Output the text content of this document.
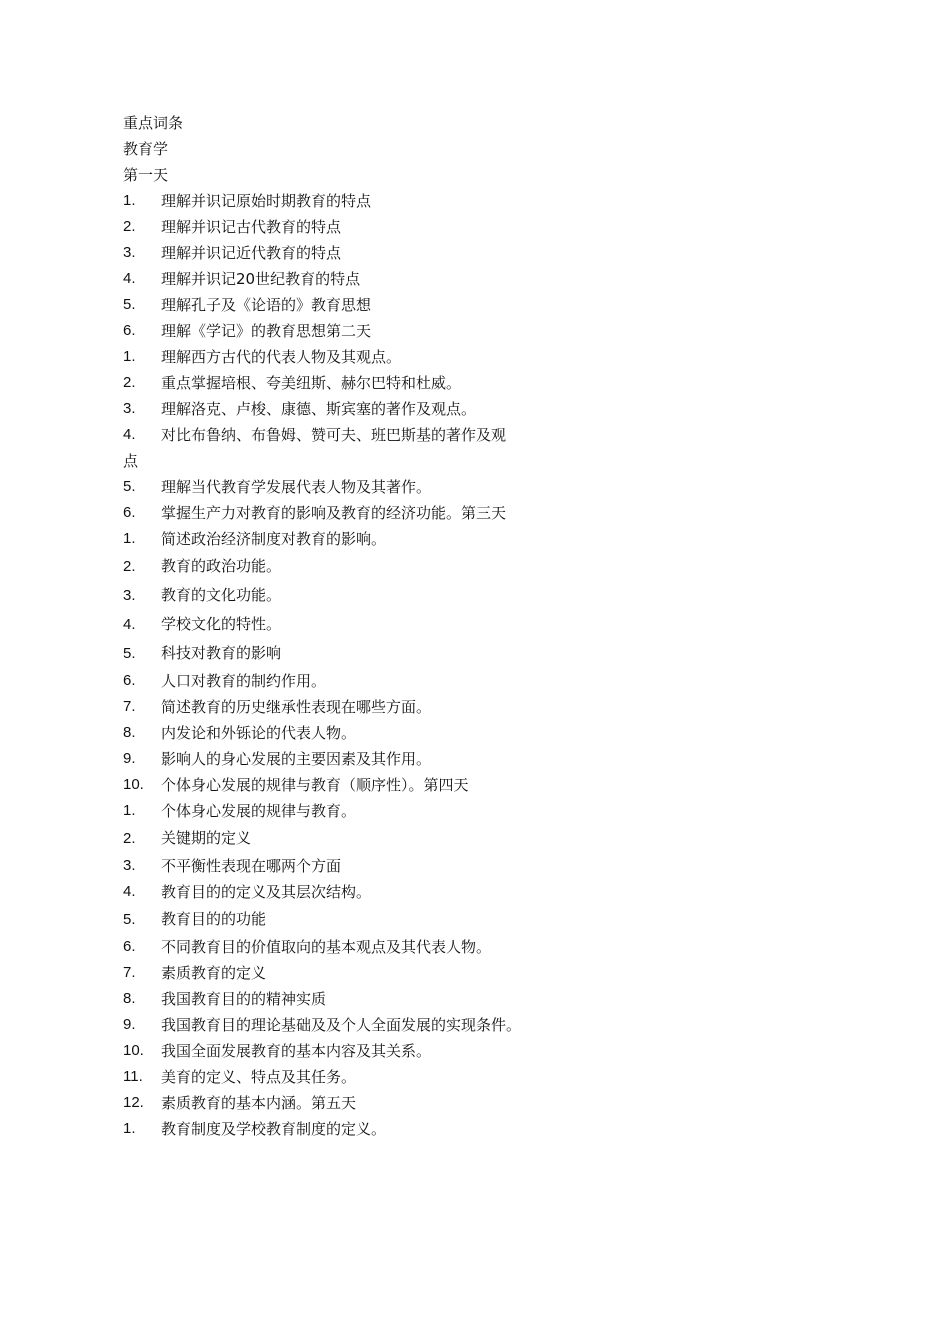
重点词条
教育学
第一天
1.	理解并识记原始时期教育的特点
2.	理解并识记古代教育的特点
3.	理解并识记近代教育的特点
4.	理解并识记20世纪教育的特点
5.	理解孔子及《论语的》教育思想
6.	理解《学记》的教育思想第二天
1.	理解西方古代的代表人物及其观点。
2.	重点掌握培根、夸美纽斯、赫尔巴特和杜威。
3.	理解洛克、卢梭、康德、斯宾塞的著作及观点。
4.	对比布鲁纳、布鲁姆、赞可夫、班巴斯基的著作及观
点
5.	理解当代教育学发展代表人物及其著作。
6.	掌握生产力对教育的影响及教育的经济功能。第三天
1.	简述政治经济制度对教育的影响。
2.	教育的政治功能。
3.	教育的文化功能。
4.	学校文化的特性。
5.	科技对教育的影响
6.	人口对教育的制约作用。
7.	简述教育的历史继承性表现在哪些方面。
8.	内发论和外铄论的代表人物。
9.	影响人的身心发展的主要因素及其作用。
10.	个体身心发展的规律与教育（顺序性）。第四天
1.	个体身心发展的规律与教育。
2.	关键期的定义
3.	不平衡性表现在哪两个方面
4.	教育目的的定义及其层次结构。
5.	教育目的的功能
6.	不同教育目的价值取向的基本观点及其代表人物。
7.	素质教育的定义
8.	我国教育目的的精神实质
9.	我国教育目的理论基础及及个人全面发展的实现条件。
10.	我国全面发展教育的基本内容及其关系。
11.	美育的定义、特点及其任务。
12.	素质教育的基本内涵。第五天
1.	教育制度及学校教育制度的定义。
